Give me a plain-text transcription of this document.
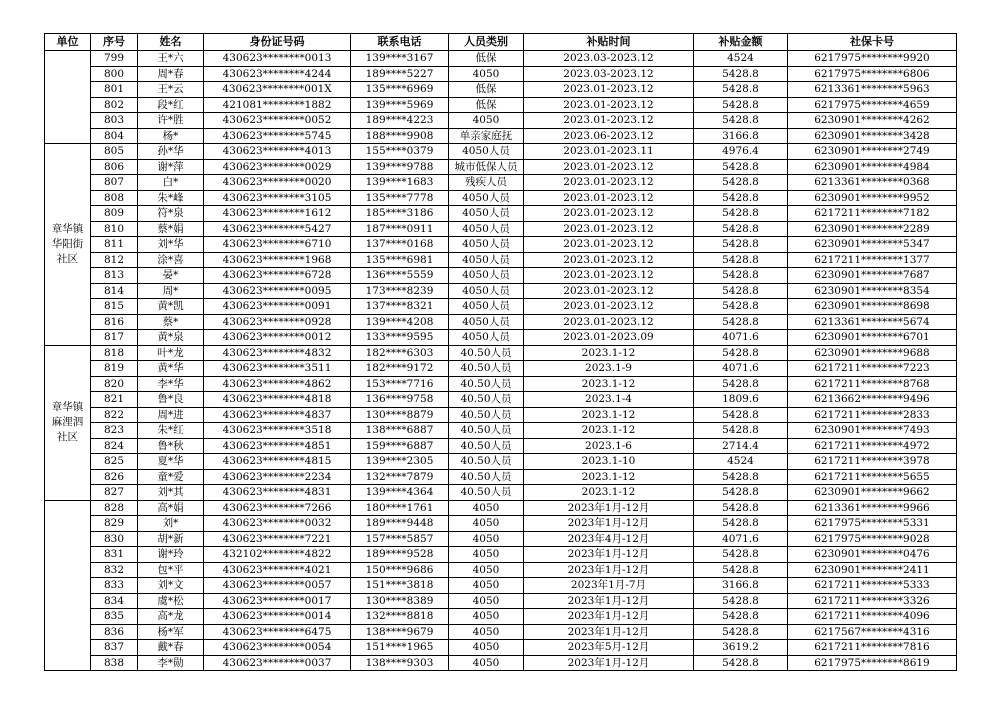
单位	序号	姓名	身份证号码	联系电话	人员类别	补贴时间	补贴金额	社保卡号
	799	王*六	430623********0013	139****3167	低保	2023.03-2023.12	4524	6217975********9920
	800	周*春	430623********4244	189****5227	4050	2023.03-2023.12	5428.8	6217975********6806
	801	王*云	430623********001X	135****6969	低保	2023.01-2023.12	5428.8	6213361********5963
	802	段*红	421081********1882	139****5969	低保	2023.01-2023.12	5428.8	6217975********4659
	803	许*胜	430623********0052	189****4223	4050	2023.01-2023.12	5428.8	6230901********4262
	804	杨*	430623********5745	188****9908	单亲家庭抚	2023.06-2023.12	3166.8	6230901********3428
章华镇华阳街社区	805	孙*华	430623********4013	155****0379	4050人员	2023.01-2023.11	4976.4	6230901********2749
	806	谢*萍	430623********0029	139****9788	城市低保人员	2023.01-2023.12	5428.8	6230901********4984
	807	白*	430623********0020	139****1683	残疾人员	2023.01-2023.12	5428.8	6213361********0368
	808	朱*峰	430623********3105	135****7778	4050人员	2023.01-2023.12	5428.8	6230901********9952
	809	符*泉	430623********1612	185****3186	4050人员	2023.01-2023.12	5428.8	6217211********7182
	810	蔡*娟	430623********5427	187****0911	4050人员	2023.01-2023.12	5428.8	6230901********2289
	811	刘*华	430623********6710	137****0168	4050人员	2023.01-2023.12	5428.8	6230901********5347
	812	涂*喜	430623********1968	135****6981	4050人员	2023.01-2023.12	5428.8	6217211********1377
	813	晏*	430623********6728	136****5559	4050人员	2023.01-2023.12	5428.8	6230901********7687
	814	周*	430623********0095	173****8239	4050人员	2023.01-2023.12	5428.8	6230901********8354
	815	黄*凯	430623********0091	137****8321	4050人员	2023.01-2023.12	5428.8	6230901********8698
	816	蔡*	430623********0928	139****4208	4050人员	2023.01-2023.12	5428.8	6213361********5674
	817	黄*泉	430623********0012	133****9595	4050人员	2023.01-2023.09	4071.6	6230901********6701
章华镇麻浬泗社区	818	叶*龙	430623********4832	182****6303	40.50人员	2023.1-12	5428.8	6230901********9688
	819	黄*华	430623********3511	182****9172	40.50人员	2023.1-9	4071.6	6217211********7223
	820	李*华	430623********4862	153****7716	40.50人员	2023.1-12	5428.8	6217211********8768
	821	鲁*良	430623********4818	136****9758	40.50人员	2023.1-4	1809.6	6213662********9496
	822	周*进	430623********4837	130****8879	40.50人员	2023.1-12	5428.8	6217211********2833
	823	朱*红	430623********3518	138****6887	40.50人员	2023.1-12	5428.8	6230901********7493
	824	鲁*秋	430623********4851	159****6887	40.50人员	2023.1-6	2714.4	6217211********4972
	825	夏*华	430623********4815	139****2305	40.50人员	2023.1-10	4524	6217211********3978
	826	童*爱	430623********2234	132****7879	40.50人员	2023.1-12	5428.8	6217211********5655
	827	刘*其	430623********4831	139****4364	40.50人员	2023.1-12	5428.8	6230901********9662
	828	高*娟	430623********7266	180****1761	4050	2023年1月-12月	5428.8	6213361********9966
	829	刘*	430623********0032	189****9448	4050	2023年1月-12月	5428.8	6217975********5331
	830	胡*新	430623********7221	157****5857	4050	2023年4月-12月	4071.6	6217975********9028
	831	谢*玲	432102********4822	189****9528	4050	2023年1月-12月	5428.8	6230901********0476
	832	包*平	430623********4021	150****9686	4050	2023年1月-12月	5428.8	6230901********2411
	833	刘*文	430623********0057	151****3818	4050	2023年1月-7月	3166.8	6217211********5333
	834	虞*松	430623********0017	130****8389	4050	2023年1月-12月	5428.8	6217211********3326
	835	高*龙	430623********0014	132****8818	4050	2023年1月-12月	5428.8	6217211********4096
	836	杨*军	430623********6475	138****9679	4050	2023年1月-12月	5428.8	6217567********4316
	837	戴*春	430623********0054	151****1965	4050	2023年5月-12月	3619.2	6217211********7816
	838	李*勋	430623********0037	138****9303	4050	2023年1月-12月	5428.8	6217975********8619
